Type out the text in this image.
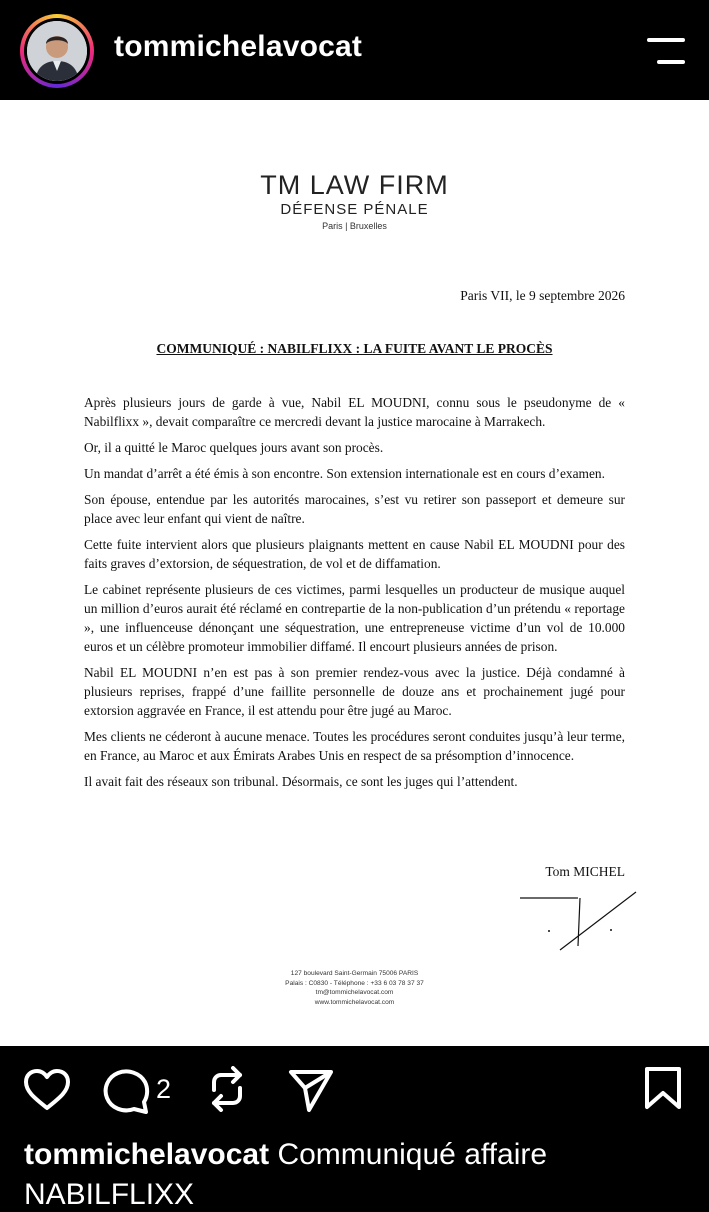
tommichelavocat
TM LAW FIRM
DÉFENSE PÉNALE
Paris | Bruxelles
Paris VII, le 9 septembre 2026
COMMUNIQUÉ : NABILFLIXX : LA FUITE AVANT LE PROCÈS

Après plusieurs jours de garde à vue, Nabil EL MOUDNI, connu sous le pseudonyme de « Nabilflixx », devait comparaître ce mercredi devant la justice marocaine à Marrakech.

Or, il a quitté le Maroc quelques jours avant son procès.

Un mandat d’arrêt a été émis à son encontre. Son extension internationale est en cours d’examen.

Son épouse, entendue par les autorités marocaines, s’est vu retirer son passeport et demeure sur place avec leur enfant qui vient de naître.

Cette fuite intervient alors que plusieurs plaignants mettent en cause Nabil EL MOUDNI pour des faits graves d’extorsion, de séquestration, de vol et de diffamation.

Le cabinet représente plusieurs de ces victimes, parmi lesquelles un producteur de musique auquel un million d’euros aurait été réclamé en contrepartie de la non-publication d’un prétendu « reportage », une influenceuse dénonçant une séquestration, une entrepreneuse victime d’un vol de 10.000 euros et un célèbre promoteur immobilier diffamé. Il encourt plusieurs années de prison.

Nabil EL MOUDNI n’en est pas à son premier rendez-vous avec la justice. Déjà condamné à plusieurs reprises, frappé d’une faillite personnelle de douze ans et prochainement jugé pour extorsion aggravée en France, il est attendu pour être jugé au Maroc.

Mes clients ne céderont à aucune menace. Toutes les procédures seront conduites jusqu’à leur terme, en France, au Maroc et aux Émirats Arabes Unis en respect de sa présomption d’innocence.

Il avait fait des réseaux son tribunal. Désormais, ce sont les juges qui l’attendent.

Tom MICHEL
127 boulevard Saint-Germain 75006 PARIS
Palais : C0830 - Téléphone : +33 6 03 78 37 37
tm@tommichelavocat.com
www.tommichelavocat.com
2
tommichelavocat Communiqué affaire
NABILFLIXX
